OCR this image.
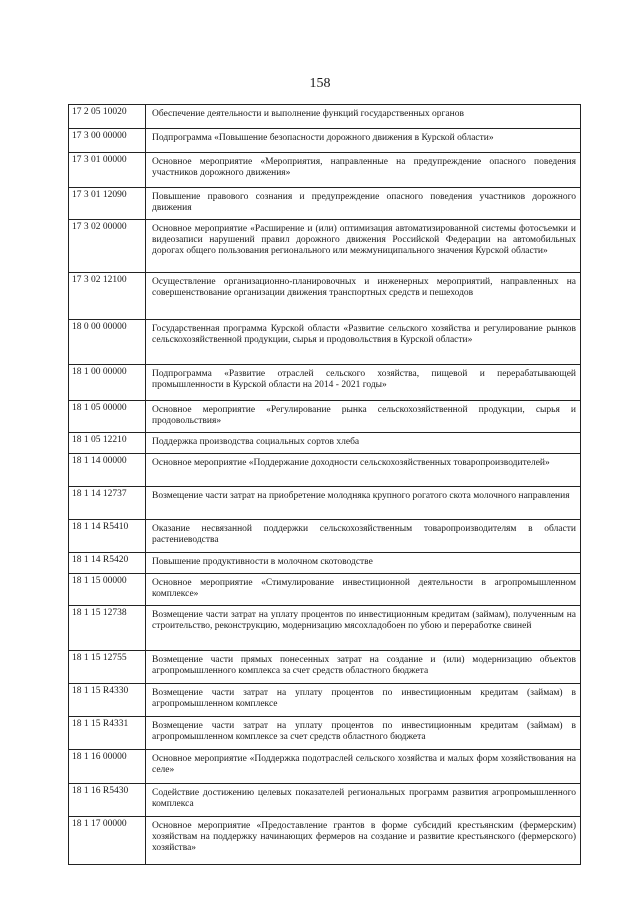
158
17 2 05 10020	Обеспечение деятельности и выполнение функций государственных органов
17 3 00 00000	Подпрограмма «Повышение безопасности дорожного движения в Курской области»
17 3 01 00000	Основное мероприятие «Мероприятия, направленные на предупреждение опасного поведения участников дорожного движения»
17 3 01 12090	Повышение правового сознания и предупреждение опасного поведения участников дорожного движения
17 3 02 00000	Основное мероприятие «Расширение и (или) оптимизация автоматизированной системы фотосъемки и видеозаписи нарушений правил дорожного движения Российской Федерации на автомобильных дорогах общего пользования регионального или межмуниципального значения Курской области»
17 3 02 12100	Осуществление организационно-планировочных и инженерных мероприятий, направленных на совершенствование организации движения транспортных средств и пешеходов
18 0 00 00000	Государственная программа Курской области «Развитие сельского хозяйства и регулирование рынков сельскохозяйственной продукции, сырья и продовольствия в Курской области»
18 1 00 00000	Подпрограмма «Развитие отраслей сельского хозяйства, пищевой и перерабатывающей промышленности в Курской области на 2014 - 2021 годы»
18 1 05 00000	Основное мероприятие «Регулирование рынка сельскохозяйственной продукции, сырья и продовольствия»
18 1 05 12210	Поддержка производства социальных сортов хлеба
18 1 14 00000	Основное мероприятие «Поддержание доходности сельскохозяйственных товаропроизводителей»
18 1 14 12737	Возмещение части затрат на приобретение молодняка крупного рогатого скота молочного направления
18 1 14 R5410	Оказание несвязанной поддержки сельскохозяйственным товаропроизводителям в области растениеводства
18 1 14 R5420	Повышение продуктивности в молочном скотоводстве
18 1 15 00000	Основное мероприятие «Стимулирование инвестиционной деятельности в агропромышленном комплексе»
18 1 15 12738	Возмещение части затрат на уплату процентов по инвестиционным кредитам (займам), полученным на строительство, реконструкцию, модернизацию мясохладобоен по убою и переработке свиней
18 1 15 12755	Возмещение части прямых понесенных затрат на создание и (или) модернизацию объектов агропромышленного комплекса за счет средств областного бюджета
18 1 15 R4330	Возмещение части затрат на уплату процентов по инвестиционным кредитам (займам) в агропромышленном комплексе
18 1 15 R4331	Возмещение части затрат на уплату процентов по инвестиционным кредитам (займам) в агропромышленном комплексе за счет средств областного бюджета
18 1 16 00000	Основное мероприятие «Поддержка подотраслей сельского хозяйства и малых форм хозяйствования на селе»
18 1 16 R5430	Содействие достижению целевых показателей региональных программ развития агропромышленного комплекса
18 1 17 00000	Основное мероприятие «Предоставление грантов в форме субсидий крестьянским (фермерским) хозяйствам на поддержку начинающих фермеров на создание и развитие крестьянского (фермерского) хозяйства»
